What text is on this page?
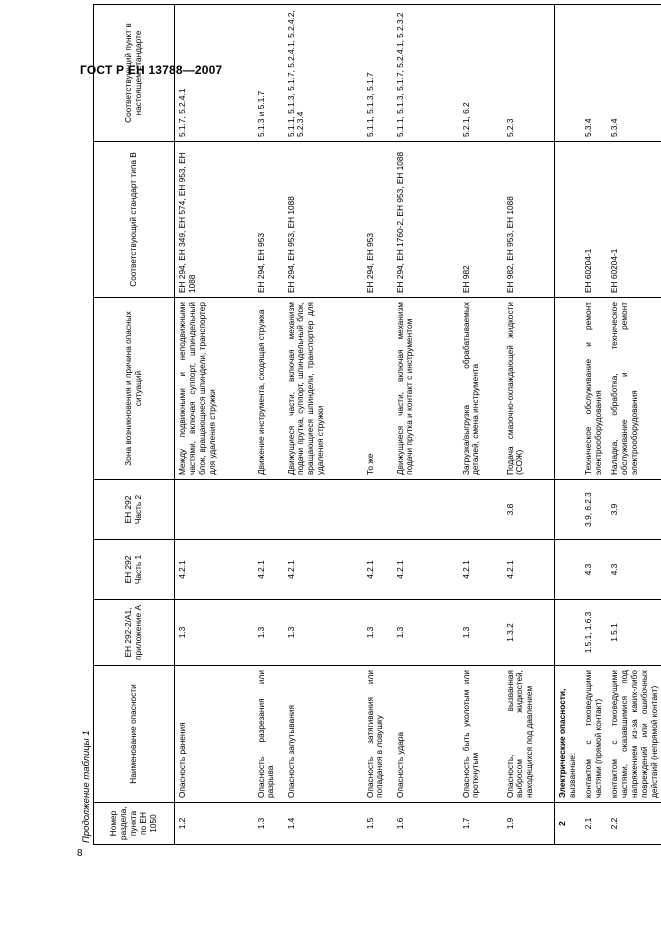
ГОСТ Р ЕН 13788—2007
Продолжение таблицы 1 Номер раздела, пункта по ЕН 1050	Наименование опасности	ЕН 292-2/А1, приложение А	ЕН 292 Часть 1	ЕН 292 Часть 2	Зона возникновения и причина опасных ситуаций	Соответствующий стандарт типа В	Соответствующий пункт в настоящем стандарте
1.2	Опасность ранения	1.3	4.2.1		Между подвижными и неподвижными частями, включая суппорт, шпиндельный блок, вращающиеся шпиндели, транспортер для удаления стружки	ЕН 294, ЕН 349, ЕН 574, ЕН 953, ЕН 1088	5.1.7, 5.2.4.1
1.3	Опасность разрезания или разрыва	1.3	4.2.1		Движение инструмента, сходящая стружка	ЕН 294, ЕН 953	5.1.3 и 5.1.7
1.4	Опасность запутывания	1.3	4.2.1		Движущиеся части, включая механизм подачи прутка, суппорт, шпиндельный блок, вращающиеся шпиндели, транспортер для удаления стружки	ЕН 294, ЕН 953, ЕН 1088	5.1.1, 5.1.3, 5.1.7, 5.2.4.1, 5.2.4.2, 5.2.3.4
1.5	Опасность затягивания или попадания в ловушку	1.3	4.2.1		То же	ЕН 294, ЕН 953	5.1.1, 5.1.3, 5.1.7
1.6	Опасность удара	1.3	4.2.1		Движущиеся части, включая механизм подачи прутка и контакт с инструментом	ЕН 294, ЕН 1760-2, ЕН 953, ЕН 1088	5.1.1, 5.1.3, 5.1.7, 5.2.4.1, 5.2.3.2
1.7	Опасность быть уколотым или проткнутым	1.3	4.2.1		Загрузка/выгрузка обрабатываемых деталей, смена инструмента	ЕН 982	5.2.1, 6.2
1.9	Опасность, вызванная выбросом жидкостей, находящихся под давлением	1.3.2	4.2.1	3.8	Подача смазочно-охлаждающей жидкости (СОЖ)	ЕН 982, ЕН 953, ЕН 1088	5.2.3
2	Электрические опасности, вызванные:						

2.1	контактом с токоведущими частями (прямой контакт)	1.5.1, 1.6.3	4.3	3.9, 6.2.3	Техническое обслуживание и ремонт электрооборудования	ЕН 60204-1	5.3.4
2.2	контактом с токоведущими частями, оказавшимися под напряжением из-за каких-либо повреждений или ошибочных действий (непрямой контакт)	1.5.1	4.3	3.9	Наладка, обработка, техническое обслуживание и ремонт электрооборудования	ЕН 60204-1	5.3.4
8
